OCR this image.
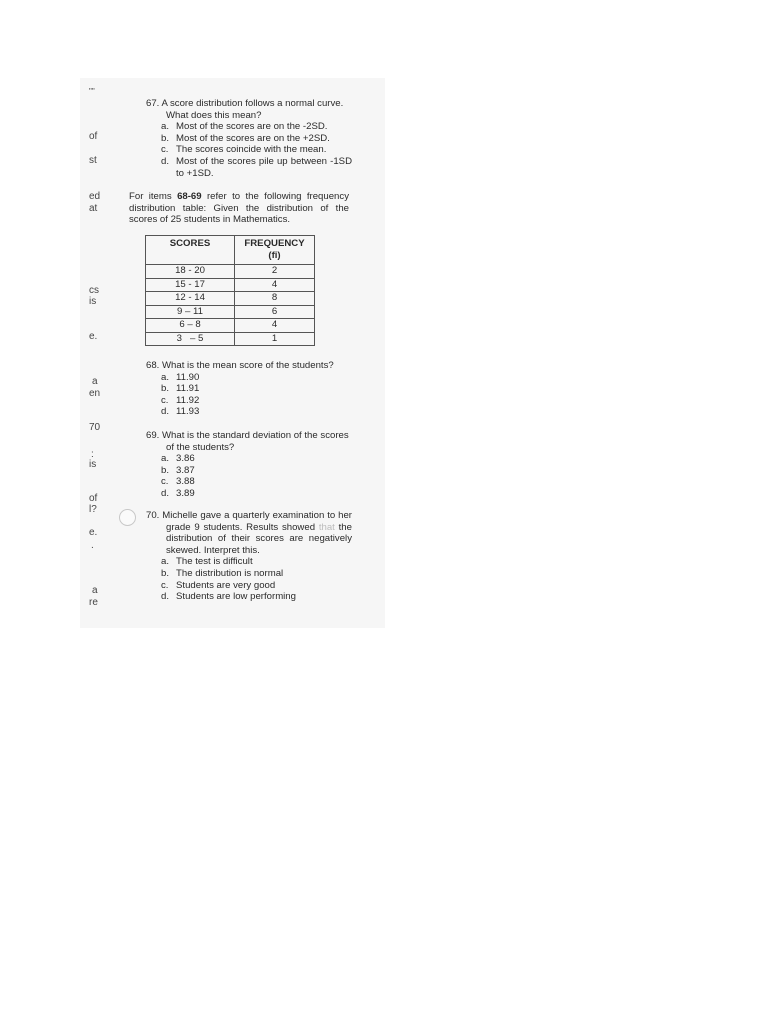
""
of
st
ed
at
cs
is
e.
a
en
70
:
is
of
l?
e.
.
a
re
67. A score distribution follows a normal curve. What does this mean?
a. Most of the scores are on the -2SD.
b. Most of the scores are on the +2SD.
c. The scores coincide with the mean.
d. Most of the scores pile up between -1SD to +1SD.
For items 68-69 refer to the following frequency distribution table: Given the distribution of the scores of 25 students in Mathematics.
SCORES	FREQUENCY
(fi)
18 - 20	2
15 - 17	4
12 - 14	8
9 – 11	6
6 – 8	4
3   – 5	1
68. What is the mean score of the students?
a. 11.90
b. 11.91
c. 11.92
d. 11.93
69. What is the standard deviation of the scores of the students?
a. 3.86
b. 3.87
c. 3.88
d. 3.89
70. Michelle gave a quarterly examination to her grade 9 students. Results showed that the distribution of their scores are negatively skewed. Interpret this.
a. The test is difficult
b. The distribution is normal
c. Students are very good
d. Students are low performing
